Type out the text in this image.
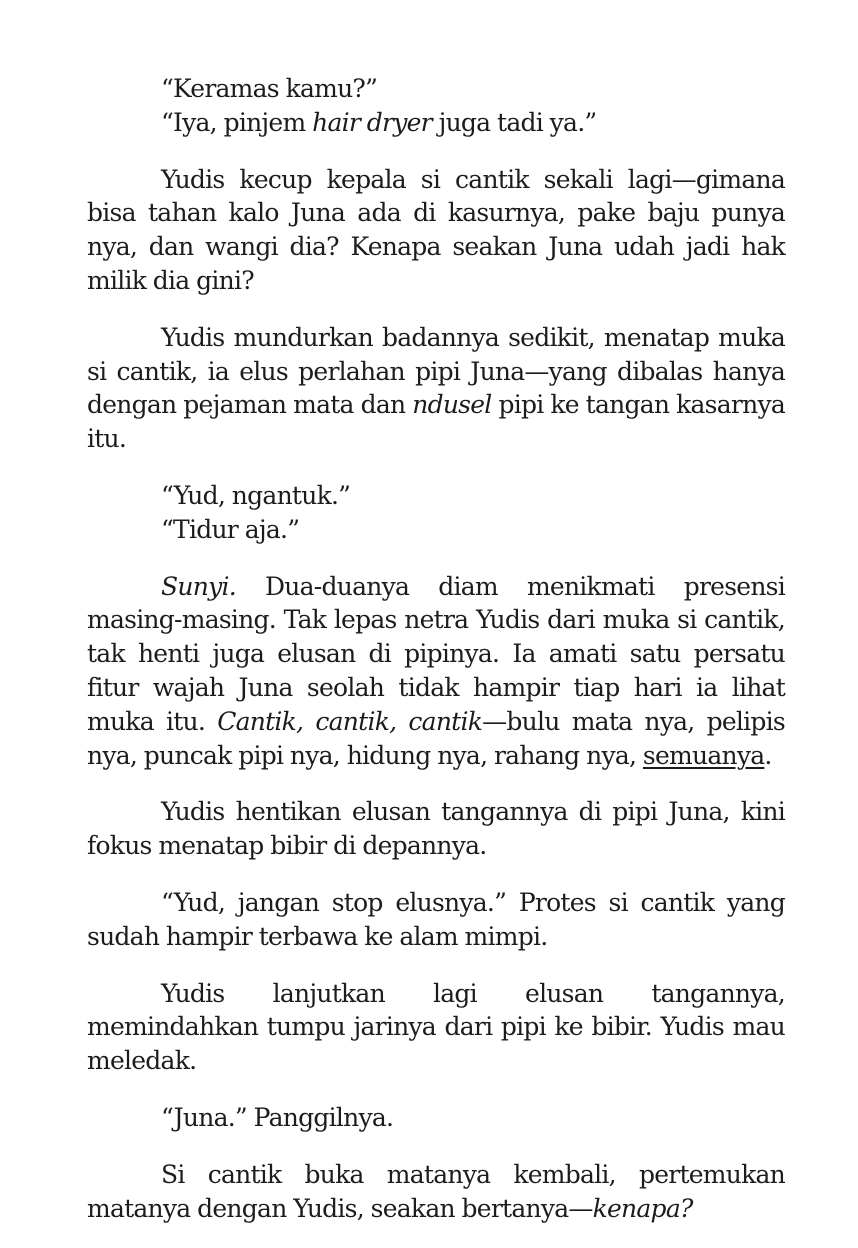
“Keramas kamu?”

“Iya, pinjem hair dryer juga tadi ya.”

Yudis kecup kepala si cantik sekali lagi—gimana bisa tahan kalo Juna ada di kasurnya, pake baju punya nya, dan wangi dia? Kenapa seakan Juna udah jadi hak milik dia gini?

Yudis mundurkan badannya sedikit, menatap muka si cantik, ia elus perlahan pipi Juna—yang dibalas hanya dengan pejaman mata dan ndusel pipi ke tangan kasarnya itu.

“Yud, ngantuk.”

“Tidur aja.”

Sunyi. Dua-duanya diam menikmati presensi masing-masing. Tak lepas netra Yudis dari muka si cantik, tak henti juga elusan di pipinya. Ia amati satu persatu fitur wajah Juna seolah tidak hampir tiap hari ia lihat muka itu. Cantik, cantik, cantik—bulu mata nya, pelipis nya, puncak pipi nya, hidung nya, rahang nya, semuanya.

Yudis hentikan elusan tangannya di pipi Juna, kini fokus menatap bibir di depannya.

“Yud, jangan stop elusnya.” Protes si cantik yang sudah hampir terbawa ke alam mimpi.

Yudis lanjutkan lagi elusan tangannya, memindahkan tumpu jarinya dari pipi ke bibir. Yudis mau meledak.

“Juna.” Panggilnya.

Si cantik buka matanya kembali, pertemukan matanya dengan Yudis, seakan bertanya—kenapa?
